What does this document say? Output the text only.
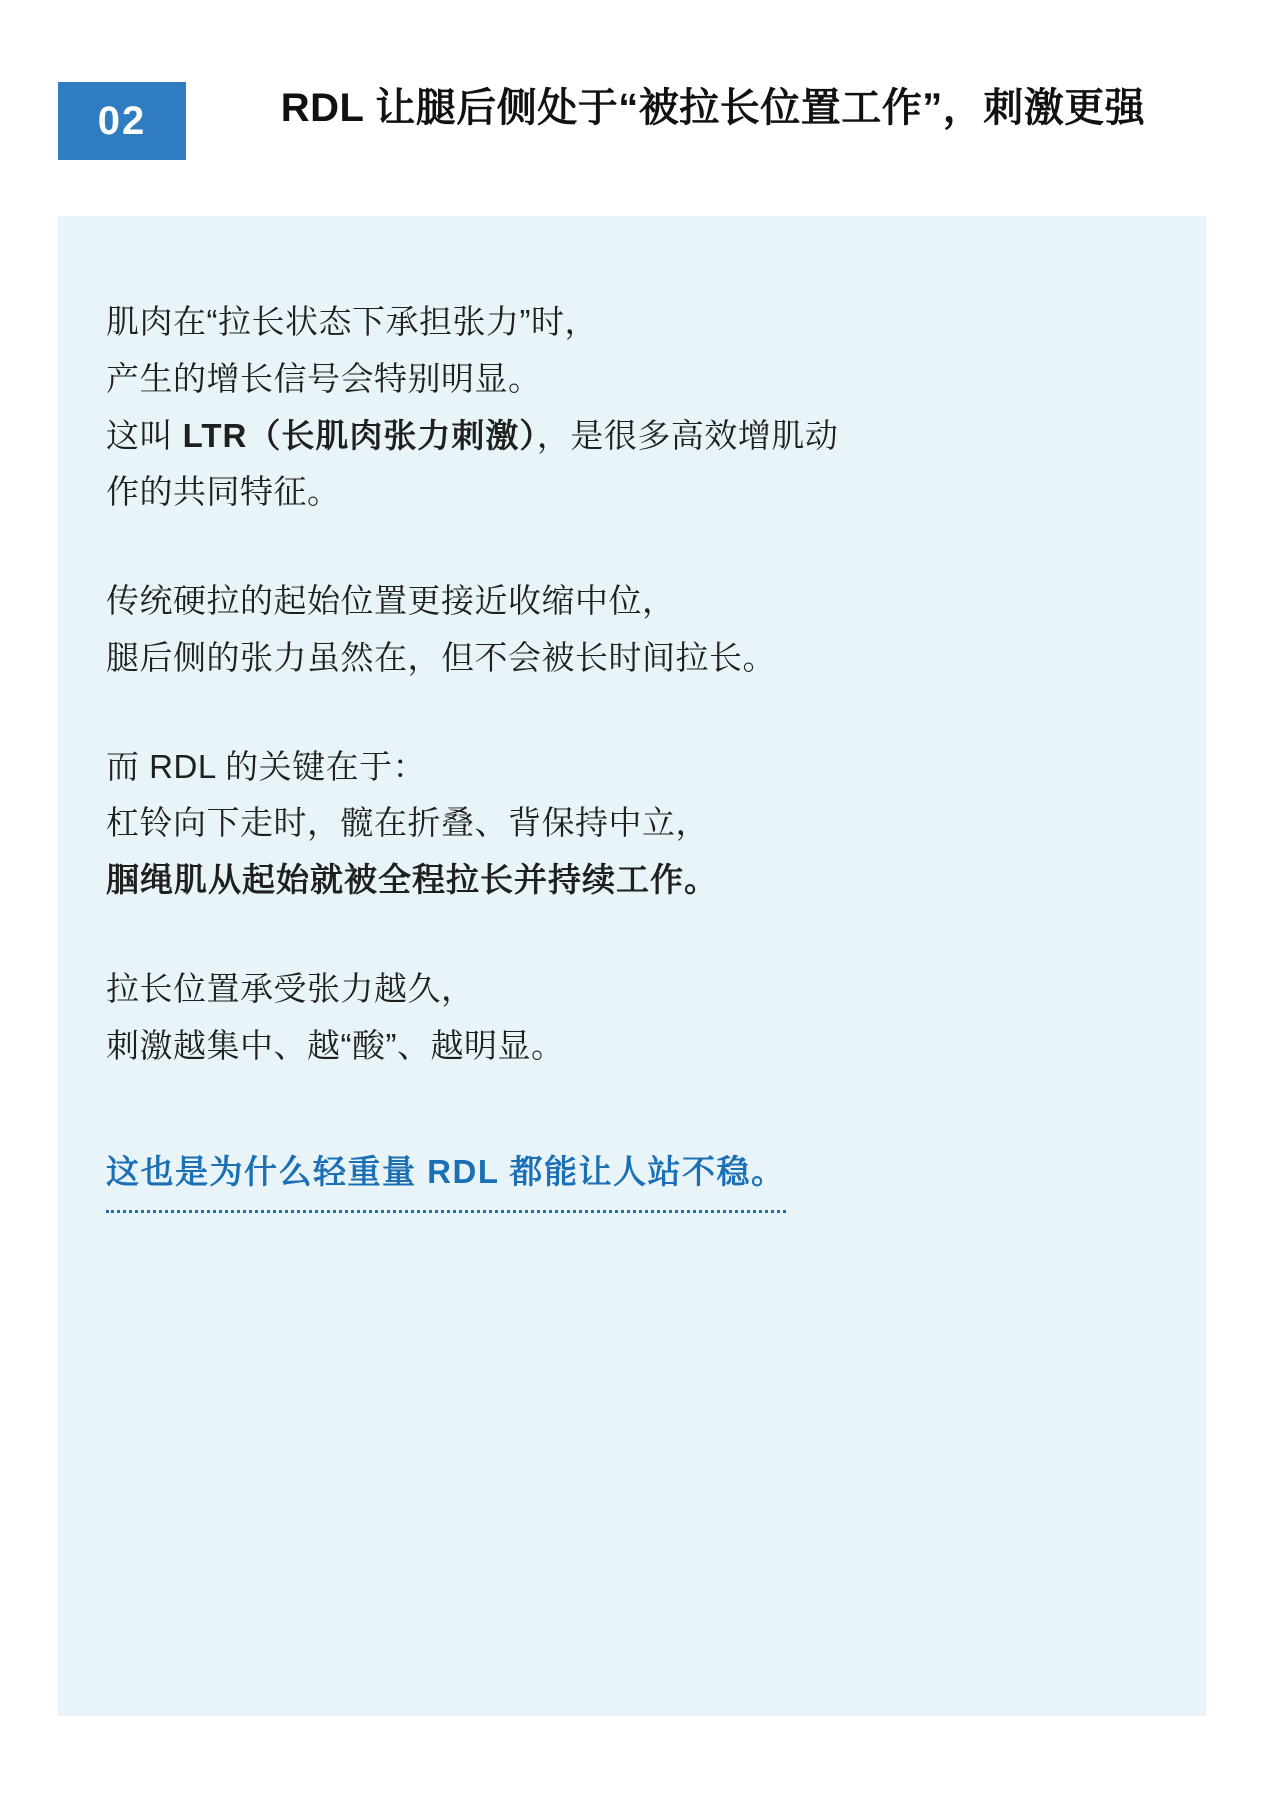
02	RDL 让腿后侧处于“被拉长位置工作”，刺激更强
肌肉在“拉长状态下承担张力”时，
产生的增长信号会特别明显。
这叫 LTR（长肌肉张力刺激），是很多高效增肌动
作的共同特征。
传统硬拉的起始位置更接近收缩中位，
腿后侧的张力虽然在，但不会被长时间拉长。
而 RDL 的关键在于：
杠铃向下走时，髋在折叠、背保持中立，
腘绳肌从起始就被全程拉长并持续工作。
拉长位置承受张力越久，
刺激越集中、越“酸”、越明显。
这也是为什么轻重量 RDL 都能让人站不稳。
